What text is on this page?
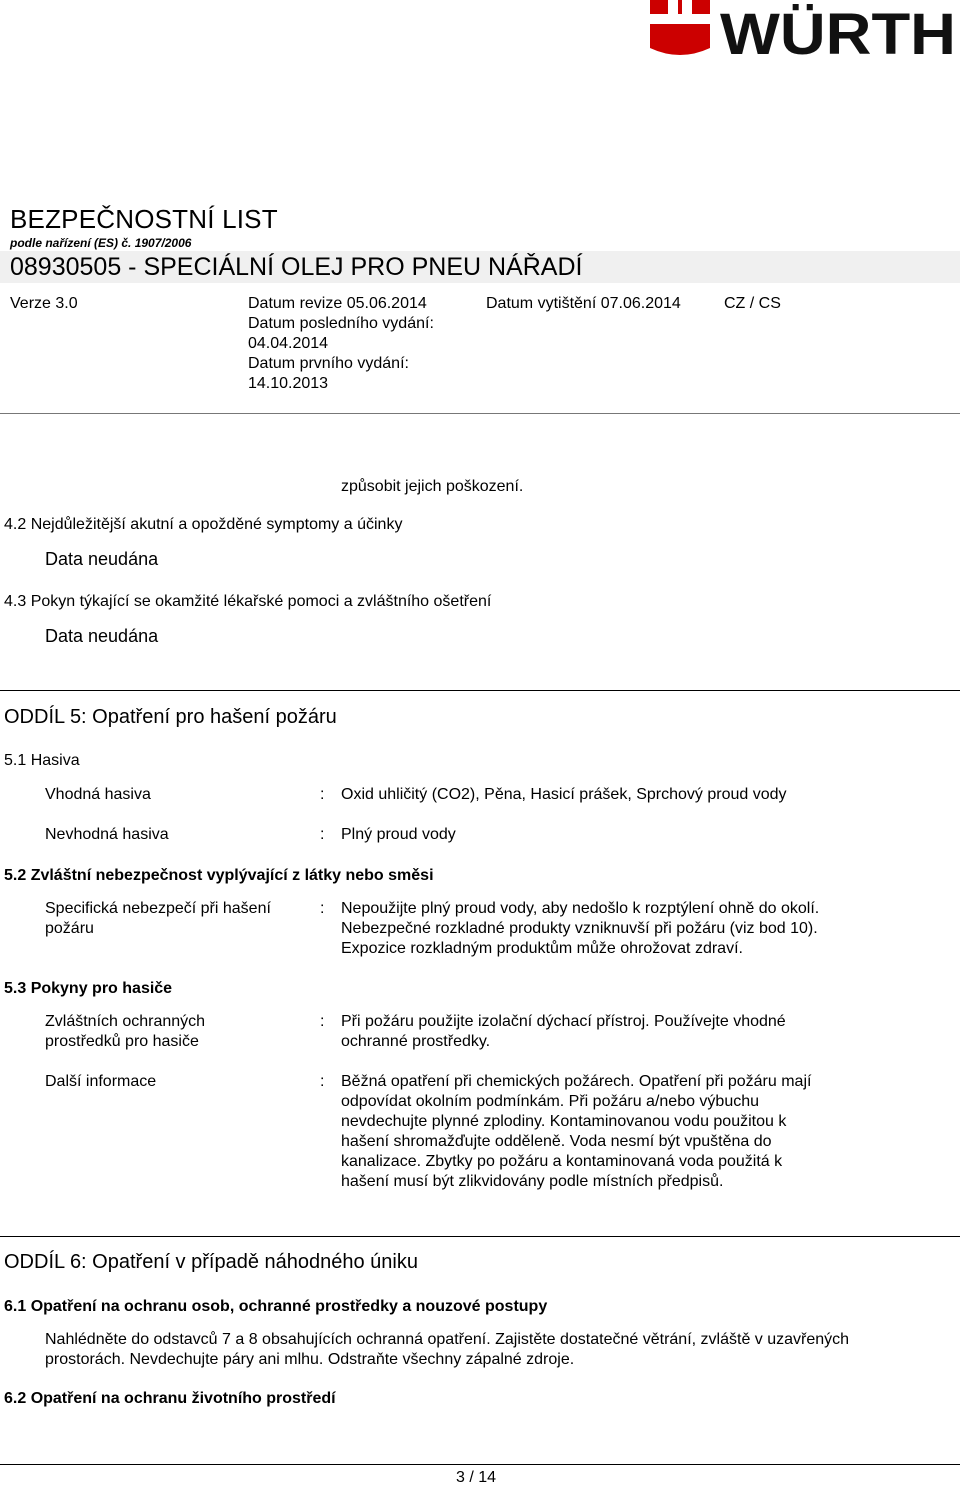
WÜRTH
BEZPEČNOSTNÍ LIST
podle nařízení (ES) č. 1907/2006
08930505 - SPECIÁLNÍ OLEJ PRO PNEU NÁŘADÍ
Verze 3.0	Datum revize 05.06.2014
Datum posledního vydání:
04.04.2014
Datum prvního vydání:
14.10.2013
Datum vytištění 07.06.2014	CZ / CS
způsobit jejich poškození.
4.2 Nejdůležitější akutní a opožděné symptomy a účinky
Data neudána
4.3 Pokyn týkající se okamžité lékařské pomoci a zvláštního ošetření
Data neudána
ODDÍL 5: Opatření pro hašení požáru
5.1 Hasiva
Vhodná hasiva	: Oxid uhličitý (CO2), Pěna, Hasicí prášek, Sprchový proud vody
Nevhodná hasiva	: Plný proud vody
5.2 Zvláštní nebezpečnost vyplývající z látky nebo směsi
Specifická nebezpečí při hašení
požáru
: Nepoužijte plný proud vody, aby nedošlo k rozptýlení ohně do okolí.
Nebezpečné rozkladné produkty vzniknuvší při požáru (viz bod 10).
Expozice rozkladným produktům může ohrožovat zdraví.
5.3 Pokyny pro hasiče
Zvláštních ochranných
prostředků pro hasiče
: Při požáru použijte izolační dýchací přístroj. Používejte vhodné
ochranné prostředky.
Další informace	: Běžná opatření při chemických požárech. Opatření při požáru mají
odpovídat okolním podmínkám. Při požáru a/nebo výbuchu
nevdechujte plynné zplodiny. Kontaminovanou vodu použitou k
hašení shromažďujte odděleně. Voda nesmí být vpuštěna do
kanalizace. Zbytky po požáru a kontaminovaná voda použitá k
hašení musí být zlikvidovány podle místních předpisů.
ODDÍL 6: Opatření v případě náhodného úniku
6.1 Opatření na ochranu osob, ochranné prostředky a nouzové postupy
Nahlédněte do odstavců 7 a 8 obsahujících ochranná opatření. Zajistěte dostatečné větrání, zvláště v uzavřených
prostorách. Nevdechujte páry ani mlhu. Odstraňte všechny zápalné zdroje.
6.2 Opatření na ochranu životního prostředí
3 / 14
